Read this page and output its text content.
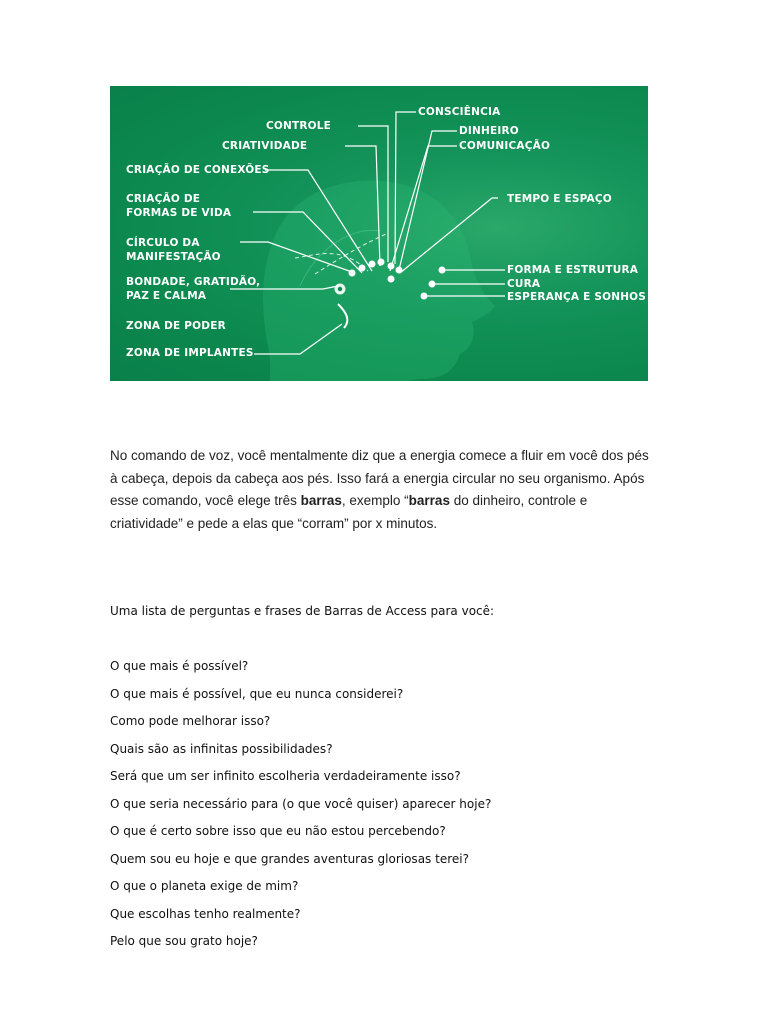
CONSCIÊNCIA
CONTROLE	DINHEIRO
COMUNICAÇÃO
CRIATIVIDADE
CRIAÇÃO DE CONEXÕES
CRIAÇÃO DE
FORMAS DE VIDA
TEMPO E ESPAÇO
CÍRCULO DA
MANIFESTAÇÃO
FORMA E ESTRUTURA
BONDADE, GRATIDÃO,
PAZ E CALMA
CURA
ESPERANÇA E SONHOS
ZONA DE PODER
ZONA DE IMPLANTES

No comando de voz, você mentalmente diz que a energia comece a fluir em você dos pés à cabeça, depois da cabeça aos pés. Isso fará a energia circular no seu organismo. Após esse comando, você elege três barras, exemplo “barras do dinheiro, controle e criatividade” e pede a elas que “corram” por x minutos.

Uma lista de perguntas e frases de Barras de Access para você:

O que mais é possível?
O que mais é possível, que eu nunca considerei?
Como pode melhorar isso?
Quais são as infinitas possibilidades?
Será que um ser infinito escolheria verdadeiramente isso?
O que seria necessário para (o que você quiser) aparecer hoje?
O que é certo sobre isso que eu não estou percebendo?
Quem sou eu hoje e que grandes aventuras gloriosas terei?
O que o planeta exige de mim?
Que escolhas tenho realmente?
Pelo que sou grato hoje?
